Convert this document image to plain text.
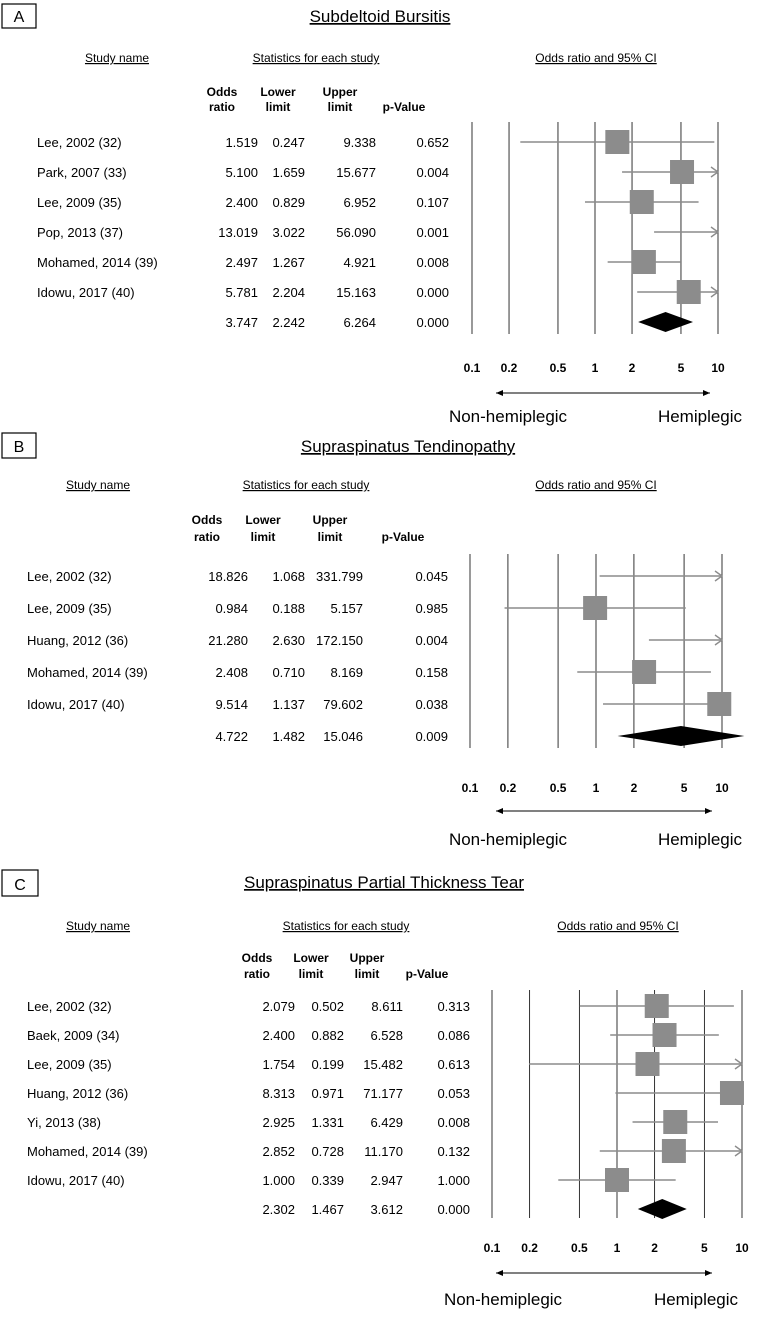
A	Subdeltoid Bursitis
Study name	Statistics for each study	Odds ratio and 95% CI
Odds
ratio
Lower
limit
Upper
limit	p-Value
0.1 0.2	0.5 1	2	5 10
Lee, 2002 (32)	1.519 0.247	9.338	0.652
Park, 2007 (33)	5.100 1.659 15.677	0.004
Lee, 2009 (35)	2.400 0.829	6.952	0.107
Pop, 2013 (37)	13.019 3.022 56.090	0.001
Mohamed, 2014 (39)	2.497 1.267	4.921	0.008
Idowu, 2017 (40)	5.781 2.204 15.163	0.000
3.747 2.242	6.264	0.000
Non-hemiplegic	Hemiplegic
B	Supraspinatus Tendinopathy
Study name	Statistics for each study	Odds ratio and 95% CI
Odds
ratio
Lower
limit
Upper
limit	p-Value
0.1 0.2	0.5 1	2	5 10
Lee, 2002 (32)	18.826 1.068 331.799	0.045
Lee, 2009 (35)	0.984 0.188 5.157	0.985
Huang, 2012 (36)	21.280 2.630 172.150	0.004
Mohamed, 2014 (39)	2.408 0.710 8.169	0.158
Idowu, 2017 (40)	9.514 1.137 79.602	0.038
4.722 1.482 15.046	0.009
Non-hemiplegic	Hemiplegic
C	Supraspinatus Partial Thickness Tear
Study name	Statistics for each study	Odds ratio and 95% CI
Odds
ratio
Lower
limit
Upper
limit p-Value
0.1 0.2	0.5 1	2	5 10
Lee, 2002 (32)	2.079 0.502 8.611	0.313
Baek, 2009 (34)	2.400 0.882 6.528	0.086
Lee, 2009 (35)	1.754 0.199 15.482	0.613
Huang, 2012 (36)	8.313 0.971 71.177	0.053
Yi, 2013 (38)	2.925 1.331 6.429	0.008
Mohamed, 2014 (39)	2.852 0.728 11.170	0.132
Idowu, 2017 (40)	1.000 0.339 2.947	1.000
2.302 1.467 3.612	0.000
Non-hemiplegic	Hemiplegic
